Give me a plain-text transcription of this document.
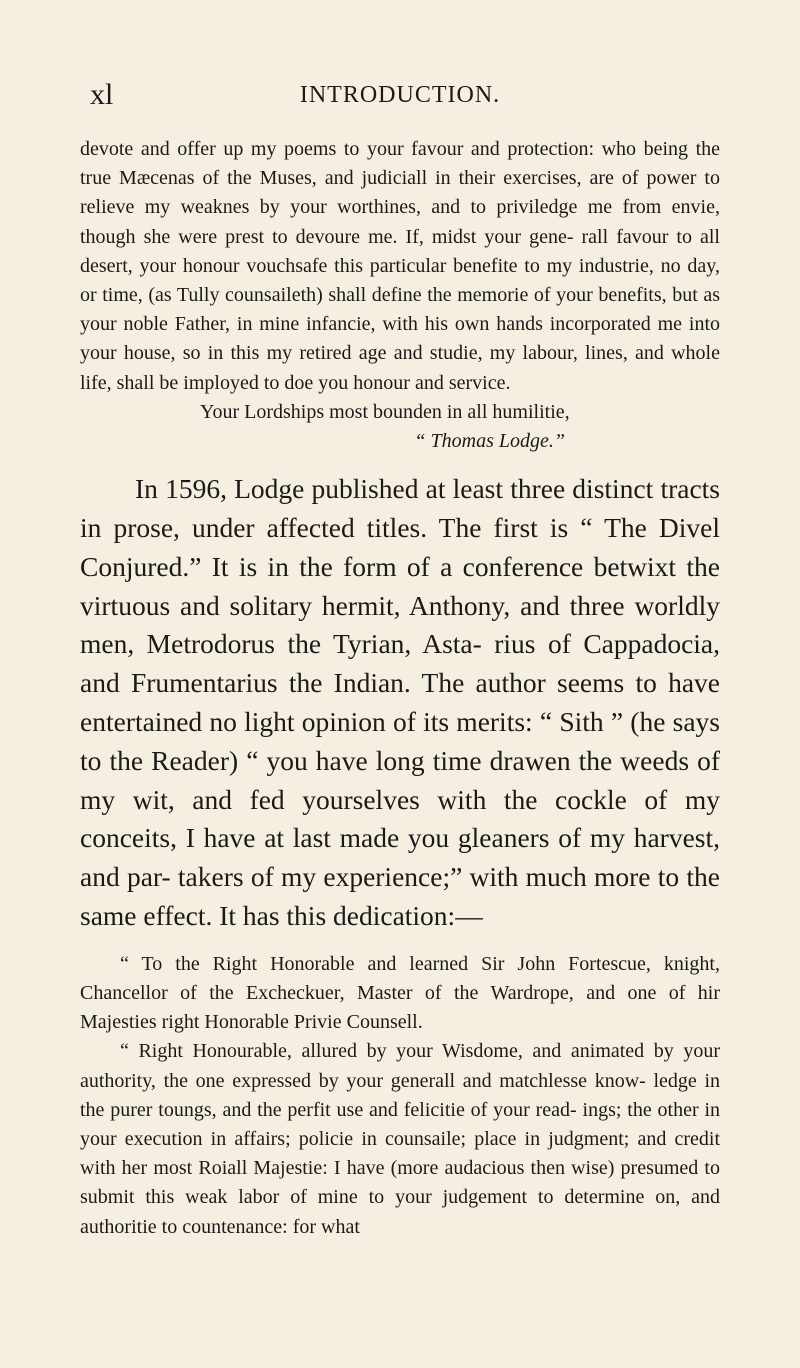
xl	INTRODUCTION.

devote and offer up my poems to your favour and protection: who being the true Mæcenas of the Muses, and judiciall in their exercises, are of power to relieve my weaknes by your worthines, and to priviledge me from envie, though she were prest to devoure me. If, midst your gene- rall favour to all desert, your honour vouchsafe this particular benefite to my industrie, no day, or time, (as Tully counsaileth) shall define the memorie of your benefits, but as your noble Father, in mine infancie, with his own hands incorporated me into your house, so in this my retired age and studie, my labour, lines, and whole life, shall be imployed to doe you honour and service.

Your Lordships most bounden in all humilitie,

“ Thomas Lodge.”

In 1596, Lodge published at least three distinct tracts in prose, under affected titles. The first is “ The Divel Conjured.” It is in the form of a conference betwixt the virtuous and solitary hermit, Anthony, and three worldly men, Metrodorus the Tyrian, Asta- rius of Cappadocia, and Frumentarius the Indian. The author seems to have entertained no light opinion of its merits: “ Sith ” (he says to the Reader) “ you have long time drawen the weeds of my wit, and fed yourselves with the cockle of my conceits, I have at last made you gleaners of my harvest, and par- takers of my experience;” with much more to the same effect. It has this dedication:—

“ To the Right Honorable and learned Sir John Fortescue, knight, Chancellor of the Excheckuer, Master of the Wardrope, and one of hir Majesties right Honorable Privie Counsell.

“ Right Honourable, allured by your Wisdome, and animated by your authority, the one expressed by your generall and matchlesse know- ledge in the purer toungs, and the perfit use and felicitie of your read- ings; the other in your execution in affairs; policie in counsaile; place in judgment; and credit with her most Roiall Majestie: I have (more audacious then wise) presumed to submit this weak labor of mine to your judgement to determine on, and authoritie to countenance: for what
